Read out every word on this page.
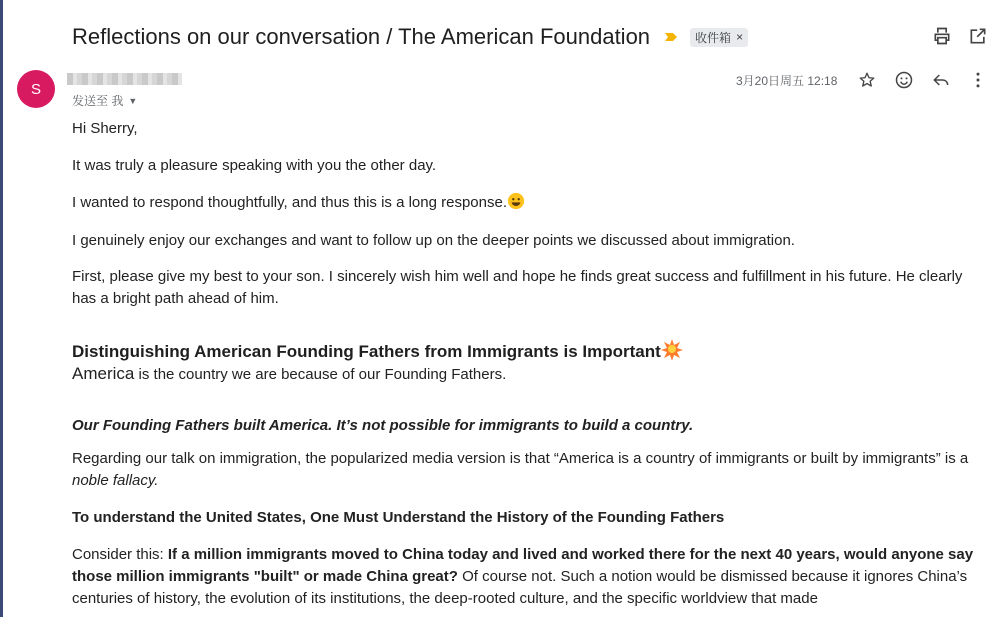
Reflections on our conversation / The American Foundation	收件箱 ×
S
发送至 我 ▼
3月20日周五 12:18

Hi Sherry,

It was truly a pleasure speaking with you the other day.

I wanted to respond thoughtfully, and thus this is a long response.

I genuinely enjoy our exchanges and want to follow up on the deeper points we discussed about immigration.

First, please give my best to your son. I sincerely wish him well and hope he finds great success and fulfillment in his future. He clearly has a bright path ahead of him.

Distinguishing American Founding Fathers from Immigrants is Important

America is the country we are because of our Founding Fathers.

Our Founding Fathers built America. It’s not possible for immigrants to build a country.

Regarding our talk on immigration, the popularized media version is that “America is a country of immigrants or built by immigrants” is a noble fallacy.

To understand the United States, One Must Understand the History of the Founding Fathers

Consider this: If a million immigrants moved to China today and lived and worked there for the next 40 years, would anyone say those million immigrants "built" or made China great? Of course not. Such a notion would be dismissed because it ignores China’s centuries of history, the evolution of its institutions, the deep-rooted culture, and the specific worldview that made
